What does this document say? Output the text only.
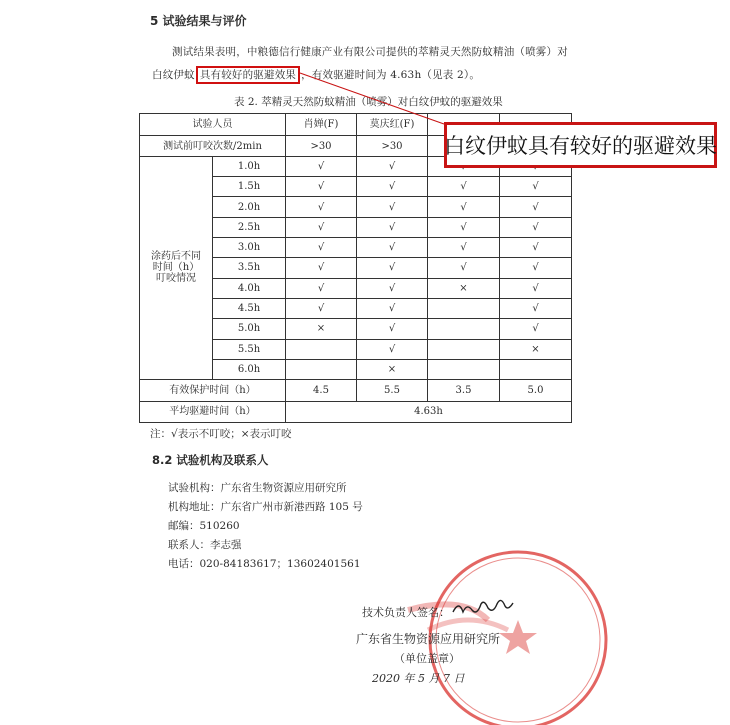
5 试验结果与评价
测试结果表明，中粮德信行健康产业有限公司提供的萃精灵天然防蚊精油（喷雾）对
白纹伊蚊 具有较好的驱避效果 ，有效驱避时间为 4.63h（见表 2）。
表 2. 萃精灵天然防蚊精油（喷雾）对白纹伊蚊的驱避效果
试验人员		肖婵(F)	莫庆红(F)		
测试前叮咬次数/2min		>30	>30		
涂药后不同时间（h）叮咬情况	1.0h	√	√		
	1.5h	√	√	√	√
	2.0h	√	√	√	√
	2.5h	√	√	√	√
	3.0h	√	√	√	√
	3.5h	√	√	√	√
	4.0h	√	√	×	√
	4.5h	√	√		√
	5.0h	×	√		√
	5.5h		√		×
	6.0h		×		
有效保护时间（h）		4.5	5.5	3.5	5.0
平均驱避时间（h）		4.63h			
白纹伊蚊具有较好的驱避效果
注：√表示不叮咬；×表示叮咬
8.2 试验机构及联系人
试验机构：广东省生物资源应用研究所
机构地址：广东省广州市新港西路 105 号
邮编：510260
联系人：李志强
电话：020-84183617；13602401561
技术负责人签名：
广东省生物资源应用研究所
（单位盖章）
2020 年 5 月 7 日
